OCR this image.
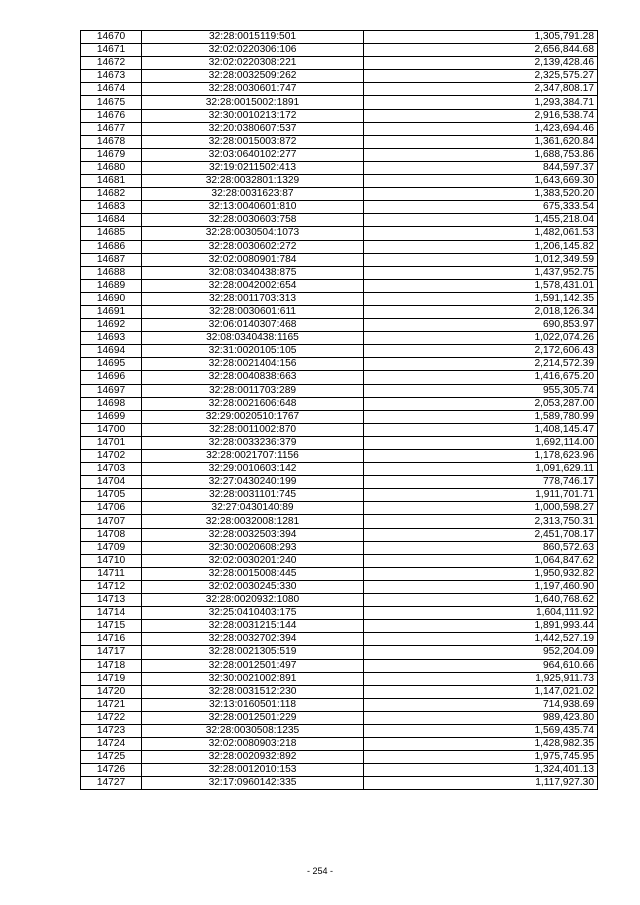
14670	32:28:0015119:501	1,305,791.28
14671	32:02:0220306:106	2,656,844.68
14672	32:02:0220308:221	2,139,428.46
14673	32:28:0032509:262	2,325,575.27
14674	32:28:0030601:747	2,347,808.17
14675	32:28:0015002:1891	1,293,384.71
14676	32:30:0010213:172	2,916,538.74
14677	32:20:0380607:537	1,423,694.46
14678	32:28:0015003:872	1,361,620.84
14679	32:03:0640102:277	1,688,753.86
14680	32:19:0211502:413	844,597.37
14681	32:28:0032801:1329	1,643,669.30
14682	32:28:0031623:87	1,383,520.20
14683	32:13:0040601:810	675,333.54
14684	32:28:0030603:758	1,455,218.04
14685	32:28:0030504:1073	1,482,061.53
14686	32:28:0030602:272	1,206,145.82
14687	32:02:0080901:784	1,012,349.59
14688	32:08:0340438:875	1,437,952.75
14689	32:28:0042002:654	1,578,431.01
14690	32:28:0011703:313	1,591,142.35
14691	32:28:0030601:611	2,018,126.34
14692	32:06:0140307:468	690,853.97
14693	32:08:0340438:1165	1,022,074.26
14694	32:31:0020105:105	2,172,606.43
14695	32:28:0021404:156	2,214,572.39
14696	32:28:0040838:663	1,416,675.20
14697	32:28:0011703:289	955,305.74
14698	32:28:0021606:648	2,053,287.00
14699	32:29:0020510:1767	1,589,780.99
14700	32:28:0011002:870	1,408,145.47
14701	32:28:0033236:379	1,692,114.00
14702	32:28:0021707:1156	1,178,623.96
14703	32:29:0010603:142	1,091,629.11
14704	32:27:0430240:199	778,746.17
14705	32:28:0031101:745	1,911,701.71
14706	32:27:0430140:89	1,000,598.27
14707	32:28:0032008:1281	2,313,750.31
14708	32:28:0032503:394	2,451,708.17
14709	32:30:0020608:293	860,572.63
14710	32:02:0030201:240	1,064,847.62
14711	32:28:0015008:445	1,950,932.82
14712	32:02:0030245:330	1,197,460.90
14713	32:28:0020932:1080	1,640,768.62
14714	32:25:0410403:175	1,604,111.92
14715	32:28:0031215:144	1,891,993.44
14716	32:28:0032702:394	1,442,527.19
14717	32:28:0021305:519	952,204.09
14718	32:28:0012501:497	964,610.66
14719	32:30:0021002:891	1,925,911.73
14720	32:28:0031512:230	1,147,021.02
14721	32:13:0160501:118	714,938.69
14722	32:28:0012501:229	989,423.80
14723	32:28:0030508:1235	1,569,435.74
14724	32:02:0080903:218	1,428,982.35
14725	32:28:0020932:892	1,975,745.95
14726	32:28:0012010:153	1,324,401.13
14727	32:17:0960142:335	1,117,927.30
- 254 -
